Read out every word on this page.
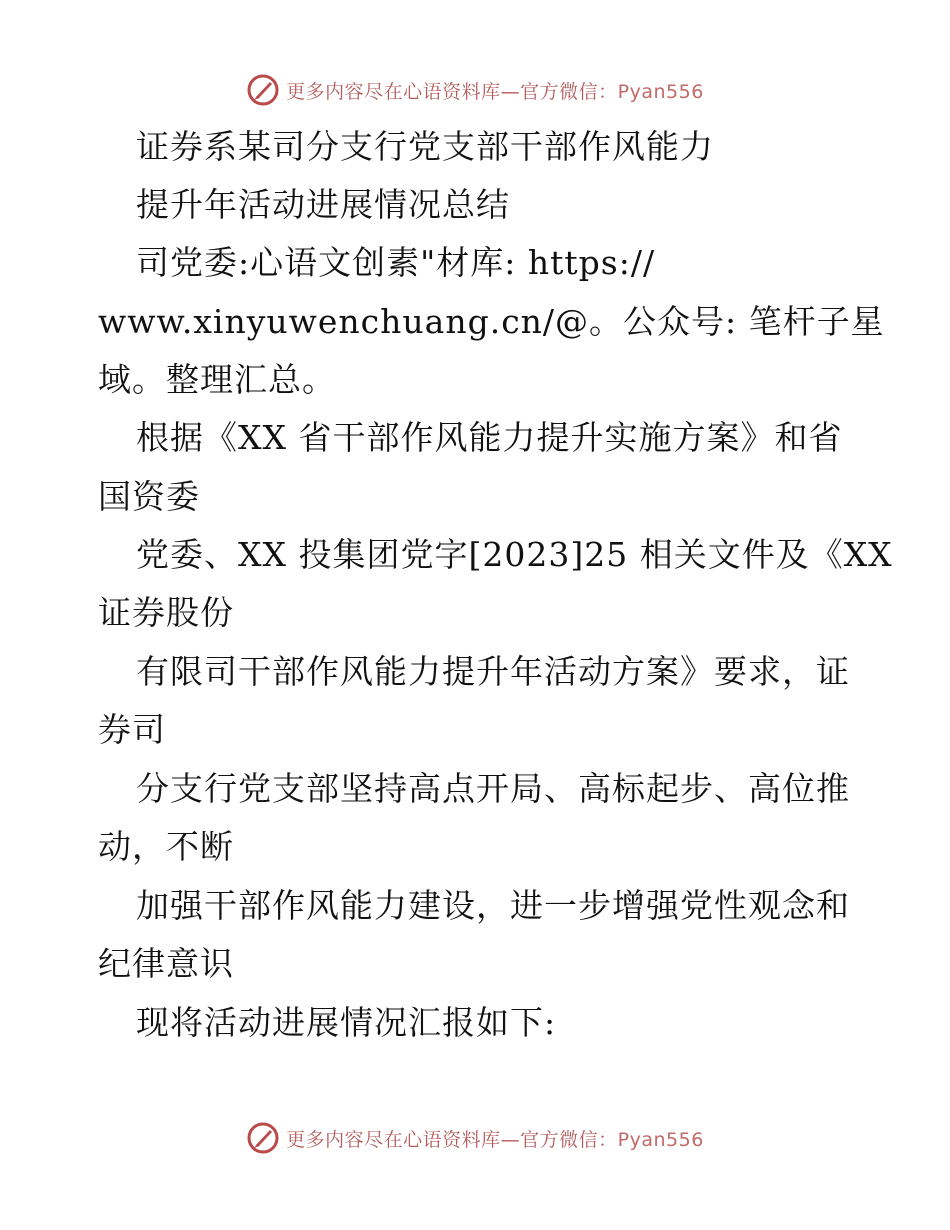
更多内容尽在心语资料库—官方微信：Pyan556
证券系某司分支行党支部干部作风能力
提升年活动进展情况总结
司党委:心语文创素"材库: https://
www.xinyuwenchuang.cn/@。公众号: 笔杆子星
域。整理汇总。
根据《XX 省干部作风能力提升实施方案》和省
国资委
党委、XX 投集团党字[2023]25 相关文件及《XX
证券股份
有限司干部作风能力提升年活动方案》要求，证
券司
分支行党支部坚持高点开局、高标起步、高位推
动，不断
加强干部作风能力建设，进一步增强党性观念和
纪律意识
现将活动进展情况汇报如下:
更多内容尽在心语资料库—官方微信：Pyan556
